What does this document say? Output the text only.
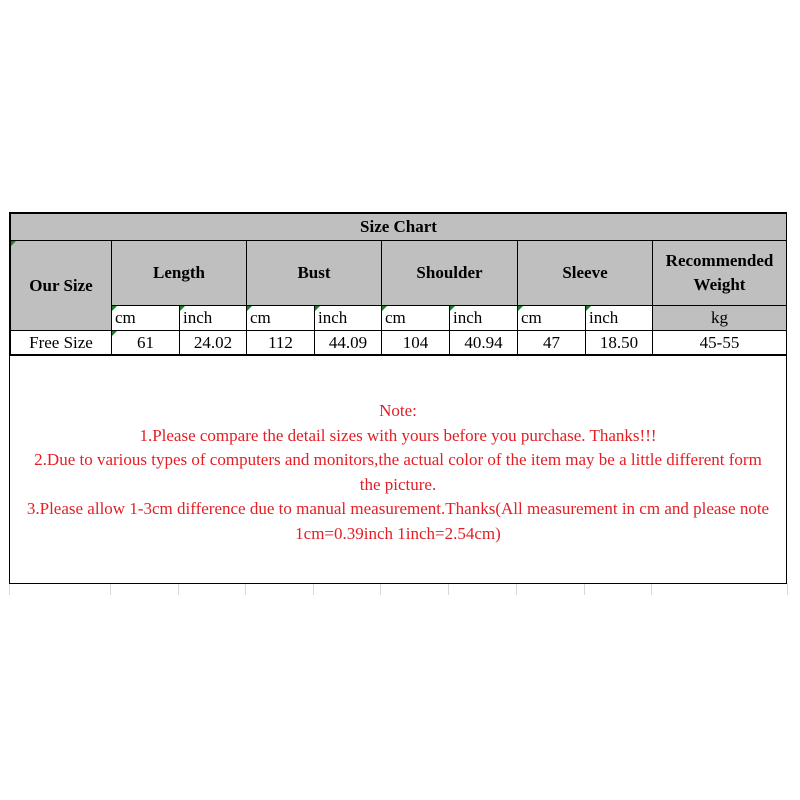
Size Chart									
Our Size	Length		Bust		Shoulder		Sleeve		Recommended
Weight
	cm	inch	cm	inch	cm	inch	cm	inch	kg
Free Size	61	24.02	112	44.09	104	40.94	47	18.50	45-55
Note:
1.Please compare the detail sizes with yours before you purchase. Thanks!!!
2.Due to various types of computers and monitors,the actual color of the item may be a little different form the picture.
3.Please allow 1-3cm difference due to manual measurement.Thanks(All measurement in cm and please note 1cm=0.39inch 1inch=2.54cm)
